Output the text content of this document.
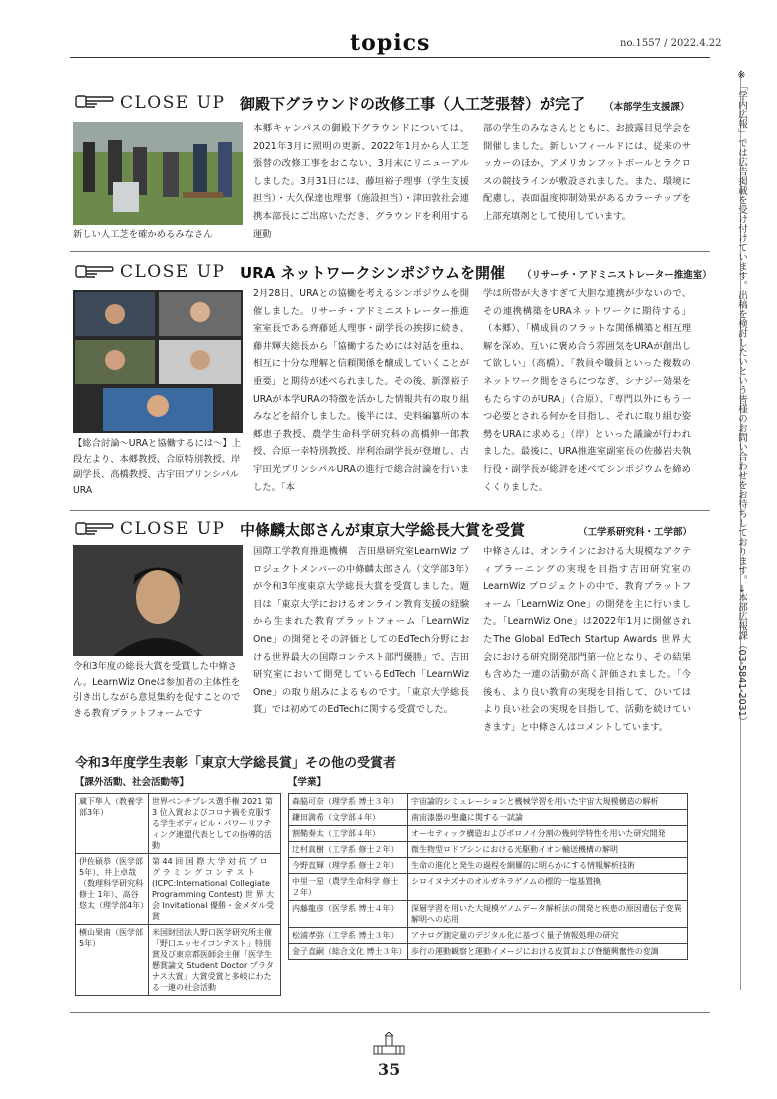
topics	no.1557 / 2022.4.22
※「学内広報」では広告掲載を受け付けています。出稿を検討したいという皆様のお問い合わせをお待ちしております。→本部広報課（03-5841-2031）
CLOSE UP 御殿下グラウンドの改修工事（人工芝張替）が完了 （本部学生支援課）
新しい人工芝を確かめるみなさん
本郷キャンパスの御殿下グラウンドについては、2021年3月に照明の更新、2022年1月から人工芝張替の改修工事をおこない、3月末にリニューアルしました。3月31日には、藤垣裕子理事（学生支援担当）・大久保達也理事（施設担当）・津田敦社会連携本部長にご出席いただき、グラウンドを利用する運動
部の学生のみなさんとともに、お披露目見学会を開催しました。新しいフィールドには、従来のサッカーのほか、アメリカンフットボールとラクロスの競技ラインが敷設されました。また、環境に配慮し、表面温度抑制効果があるカラーチップを上部充填剤として使用しています。
CLOSE UP URA ネットワークシンポジウムを開催 （リサーチ・アドミニストレーター推進室）
【総合討論〜URAと協働するには〜】上段左より、本郷教授、合原特別教授、岸副学長、高橋教授、古宇田プリンシパルURA
2月28日、URAとの協働を考えるシンポジウムを開催しました。リサーチ・アドミニストレーター推進室室長である齊藤延人理事・副学長の挨拶に続き、藤井輝夫総長から「協働するためには対話を重ね、相互に十分な理解と信頼関係を醸成していくことが重要」と期待が述べられました。その後、新澤裕子URAが本学URAの特徴を活かした情報共有の取り組みなどを紹介しました。後半には、史料編纂所の本郷恵子教授、農学生命科学研究科の高橋伸一郎教授、合原一幸特別教授、岸利治副学長が登壇し、古宇田光プリンシパルURAの進行で総合討論を行いました。「本
学は所帯が大きすぎて大胆な連携が少ないので、その連携構築をURAネットワークに期待する」（本郷）、「構成員のフラットな関係構築と相互理解を深め、互いに褒め合う雰囲気をURAが創出して欲しい」（高橋）、「教員や職員といった複数のネットワーク間をさらにつなぎ、シナジー効果をもたらすのがURA」（合原）、「専門以外にもう一つ必要とされる何かを目指し、それに取り組む姿勢をURAに求める」（岸）といった議論が行われました。最後に、URA推進室副室長の佐藤岩夫執行役・副学長が総評を述べてシンポジウムを締めくくりました。
CLOSE UP 中條麟太郎さんが東京大学総長大賞を受賞	（工学系研究科・工学部）
令和3年度の総長大賞を受賞した中條さん。LearnWiz Oneは参加者の主体性を引き出しながら意見集約を促すことのできる教育プラットフォームです
国際工学教育推進機構　吉田塁研究室LearnWiz プロジェクトメンバーの中條麟太郎さん（文学部3年）が令和3年度東京大学総長大賞を受賞しました。題目は「東京大学におけるオンライン教育支援の経験から生まれた教育プラットフォーム「LearnWiz One」の開発とその評価としてのEdTech分野における世界最大の国際コンテスト部門優勝」で、吉田研究室において開発しているEdTech「LearnWiz One」の取り組みによるものです。「東京大学総長賞」では初めてのEdTechに関する受賞でした。
中條さんは、オンラインにおける大規模なアクティブラーニングの実現を目指す吉田研究室の LearnWiz プロジェクトの中で、教育プラットフォーム「LearnWiz One」の開発を主に行いました。「LearnWiz One」は2022年1月に開催されたThe Global EdTech Startup Awards 世界大会における研究開発部門第一位となり、その結果も含めた一連の活動が高く評価されました。「今後も、より良い教育の実現を目指して、ひいてはより良い社会の実現を目指して、活動を続けていきます」と中條さんはコメントしています。
令和3年度学生表彰「東京大学総長賞」その他の受賞者
【課外活動、社会活動等】	【学業】
蔵下隼人（教養学部3年）	世界ベンチプレス選手権 2021 第 3 位入賞およびコロナ禍を克服する学生ボディビル・パワーリフティング連盟代表としての指導的活動
伊佐碩恭（医学部 5年）、井上卓哉（数理科学研究科修士 1年）、高谷悠太（理学部4年）	第 44 回 国 際 大 学 対 抗 プ ロ グ ラ ミ ン グ コ ン テ ス ト (ICPC:International Collegiate Programming Contest) 世 界 大 会 Invitational 優勝・金メダル受賞
横山果南（医学部 5年）	米国財団法人野口医学研究所主催「野口エッセイコンテスト」特別賞及び東京都医師会主催「医学生懸賞論文 Student Doctor プラタナス大賞」大賞受賞と多岐にわたる一連の社会活動
森脇可奈（理学系 博士３年）	宇宙論的シミュレーションと機械学習を用いた宇宙大規模構造の解析
鎌田満希（文学部４年）	南宙漆器の聖龕に関する一試論
割鞘奏太（工学部４年）	オーセティック構造およびボロノイ分割の幾何学特性を用いた研究開発
辻村真樹（工学系 修士２年）	微生物型ロドプシンにおける光駆動イオン輸送機構の解明
今野直輝（理学系 修士２年）	生命の進化と発生の過程を網羅的に明らかにする情報解析技術
中里一星（農学生命科学 修士２年）	シロイヌナズナのオルガネラゲノムの標的一塩基置換
内藤龍彦（医学系 博士４年）	深層学習を用いた大規模ゲノムデータ解析法の開発と疾患の原因遺伝子変異解明への応用
松浦孝弥（工学系 博士３年）	アナログ測定量のデジタル化に基づく量子情報処理の研究
金子直嗣（総合文化 博士３年）	歩行の運動観察と運動イメージにおける皮質および脊髄興奮性の変調
35
